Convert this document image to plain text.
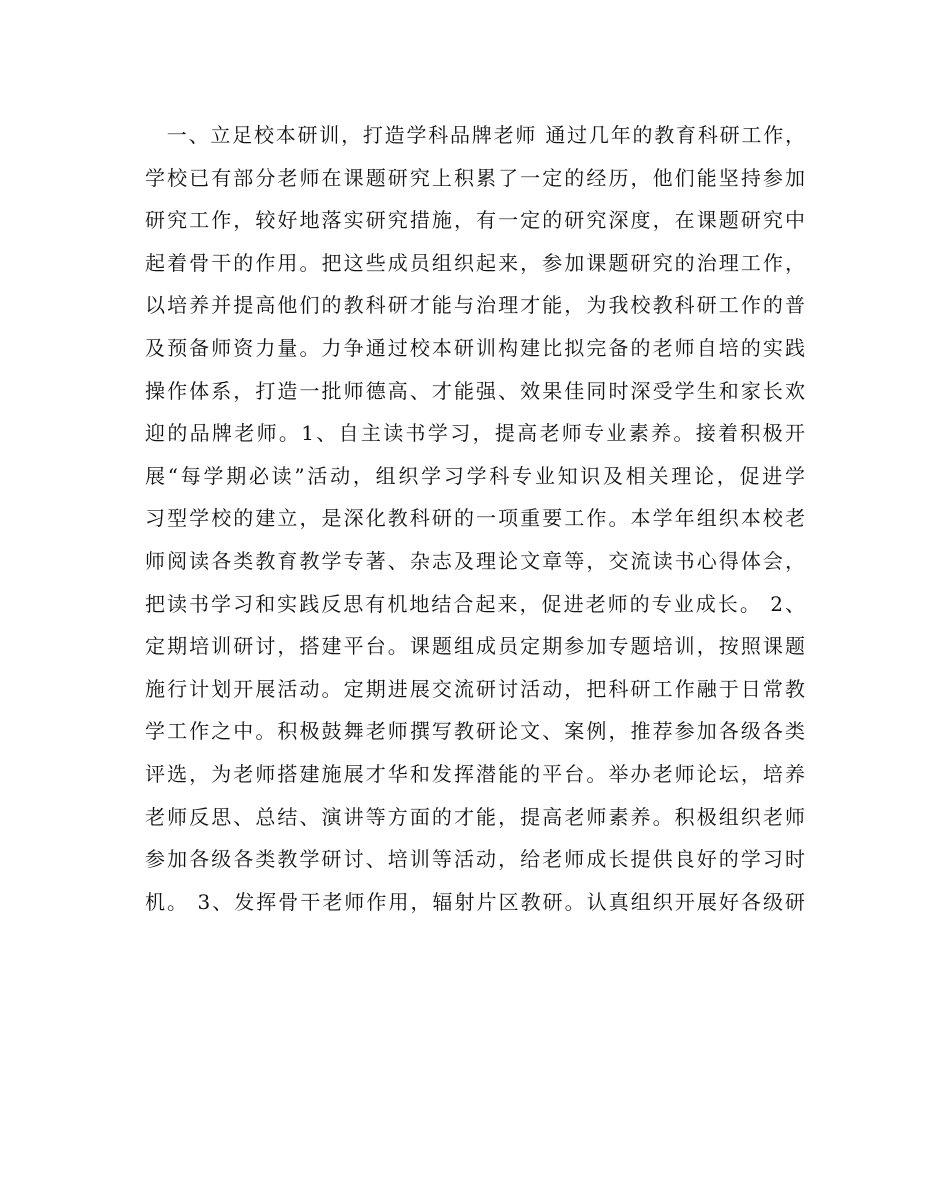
　一、立足校本研训，打造学科品牌老师 通过几年的教育科研工作，
学校已有部分老师在课题研究上积累了一定的经历，他们能坚持参加
研究工作，较好地落实研究措施，有一定的研究深度，在课题研究中
起着骨干的作用。把这些成员组织起来，参加课题研究的治理工作，
以培养并提高他们的教科研才能与治理才能，为我校教科研工作的普
及预备师资力量。力争通过校本研训构建比拟完备的老师自培的实践
操作体系，打造一批师德高、才能强、效果佳同时深受学生和家长欢
迎的品牌老师。1、自主读书学习，提高老师专业素养。接着积极开
展“每学期必读”活动，组织学习学科专业知识及相关理论，促进学
习型学校的建立，是深化教科研的一项重要工作。本学年组织本校老
师阅读各类教育教学专著、杂志及理论文章等，交流读书心得体会，
把读书学习和实践反思有机地结合起来，促进老师的专业成长。 2、
定期培训研讨，搭建平台。课题组成员定期参加专题培训，按照课题
施行计划开展活动。定期进展交流研讨活动，把科研工作融于日常教
学工作之中。积极鼓舞老师撰写教研论文、案例，推荐参加各级各类
评选，为老师搭建施展才华和发挥潜能的平台。举办老师论坛，培养
老师反思、总结、演讲等方面的才能，提高老师素养。积极组织老师
参加各级各类教学研讨、培训等活动，给老师成长提供良好的学习时
机。 3、发挥骨干老师作用，辐射片区教研。认真组织开展好各级研
